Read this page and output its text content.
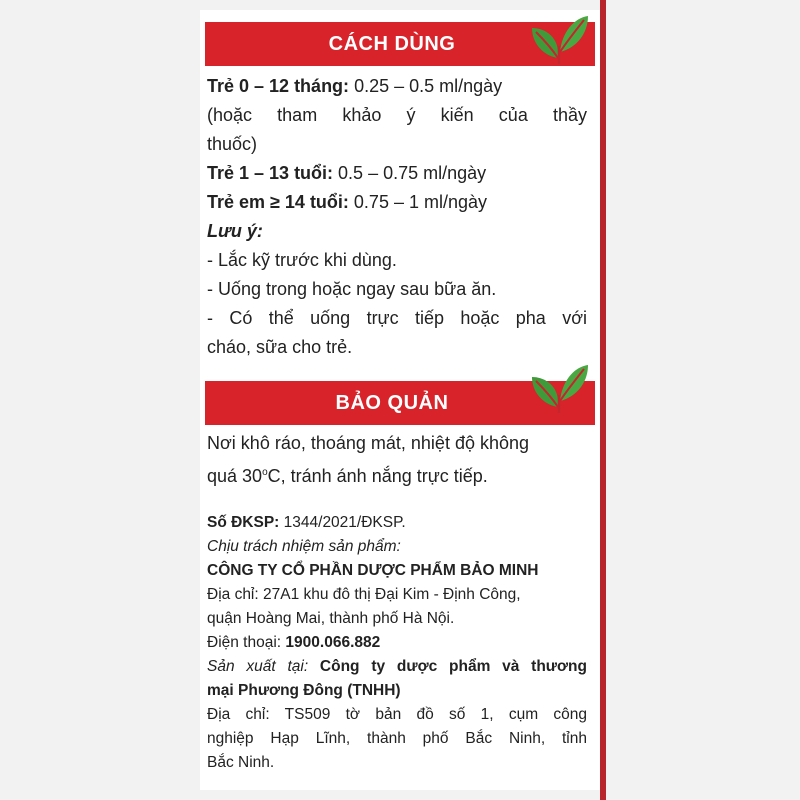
CÁCH DÙNG
Trẻ 0 – 12 tháng: 0.25 – 0.5 ml/ngày
(hoặc tham khảo ý kiến của thầy
thuốc)
Trẻ 1 – 13 tuổi: 0.5 – 0.75 ml/ngày
Trẻ em ≥ 14 tuổi: 0.75 – 1 ml/ngày
Lưu ý:
- Lắc kỹ trước khi dùng.
- Uống trong hoặc ngay sau bữa ăn.
- Có thể uống trực tiếp hoặc pha với
cháo, sữa cho trẻ.
BẢO QUẢN
Nơi khô ráo, thoáng mát, nhiệt độ không
quá 30$^o$C, tránh ánh nắng trực tiếp.
Số ĐKSP: 1344/2021/ĐKSP.
Chịu trách nhiệm sản phẩm:
CÔNG TY CỔ PHẦN DƯỢC PHẨM BẢO MINH
Địa chỉ: 27A1 khu đô thị Đại Kim - Định Công,
quận Hoàng Mai, thành phố Hà Nội.
Điện thoại: 1900.066.882
Sản xuất tại: Công ty dược phẩm và thương
mại Phương Đông (TNHH)
Địa chỉ: TS509 tờ bản đồ số 1, cụm công
nghiệp Hạp Lĩnh, thành phố Bắc Ninh, tỉnh
Bắc Ninh.
